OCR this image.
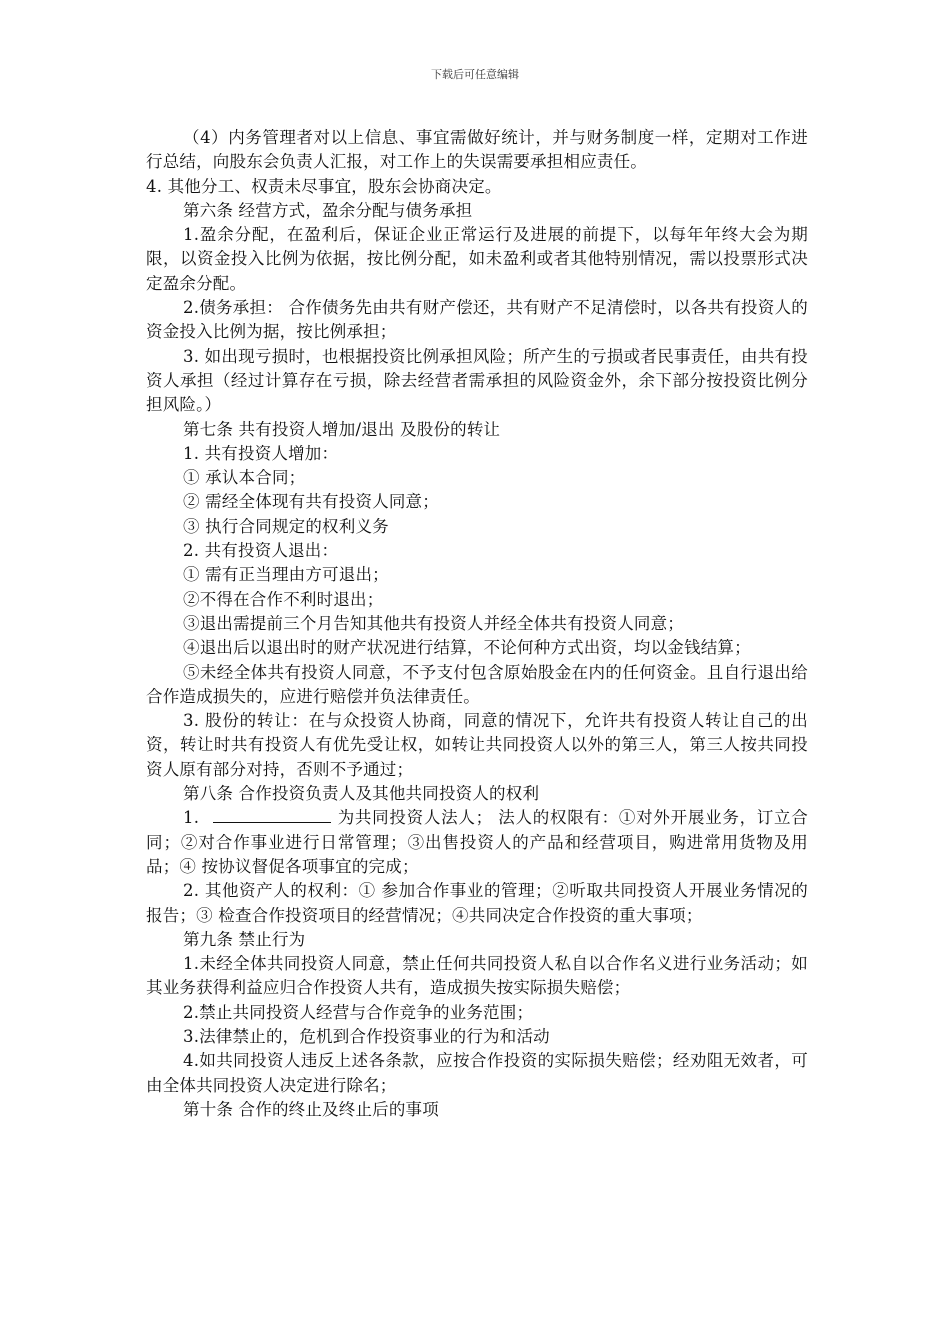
下载后可任意编辑

（4）内务管理者对以上信息、事宜需做好统计，并与财务制度一样，定期对工作进行总结，向股东会负责人汇报，对工作上的失误需要承担相应责任。

4. 其他分工、权责未尽事宜，股东会协商决定。

第六条 经营方式，盈余分配与债务承担

1.盈余分配，在盈利后，保证企业正常运行及进展的前提下，以每年年终大会为期限，以资金投入比例为依据，按比例分配，如未盈利或者其他特别情况，需以投票形式决定盈余分配。

2.债务承担： 合作债务先由共有财产偿还，共有财产不足清偿时，以各共有投资人的资金投入比例为据，按比例承担；

3. 如出现亏损时，也根据投资比例承担风险；所产生的亏损或者民事责任，由共有投资人承担（经过计算存在亏损，除去经营者需承担的风险资金外，余下部分按投资比例分担风险。）

第七条 共有投资人增加/退出 及股份的转让

1. 共有投资人增加：

① 承认本合同；

② 需经全体现有共有投资人同意；

③ 执行合同规定的权利义务

2. 共有投资人退出：

① 需有正当理由方可退出；

②不得在合作不利时退出；

③退出需提前三个月告知其他共有投资人并经全体共有投资人同意；

④退出后以退出时的财产状况进行结算，不论何种方式出资，均以金钱结算；

⑤未经全体共有投资人同意，不予支付包含原始股金在内的任何资金。且自行退出给合作造成损失的，应进行赔偿并负法律责任。

3. 股份的转让：在与众投资人协商，同意的情况下，允许共有投资人转让自己的出资，转让时共有投资人有优先受让权，如转让共同投资人以外的第三人，第三人按共同投资人原有部分对持，否则不予通过；

第八条 合作投资负责人及其他共同投资人的权利

1.	为共同投资人法人； 法人的权限有：①对外开展业务，订立合同；②对合作事业进行日常管理；③出售投资人的产品和经营项目，购进常用货物及用品；④ 按协议督促各项事宜的完成；

2. 其他资产人的权利：① 参加合作事业的管理；②听取共同投资人开展业务情况的报告；③ 检查合作投资项目的经营情况；④共同决定合作投资的重大事项；

第九条 禁止行为

1.未经全体共同投资人同意，禁止任何共同投资人私自以合作名义进行业务活动；如其业务获得利益应归合作投资人共有，造成损失按实际损失赔偿；

2.禁止共同投资人经营与合作竞争的业务范围；

3.法律禁止的，危机到合作投资事业的行为和活动

4.如共同投资人违反上述各条款，应按合作投资的实际损失赔偿；经劝阻无效者，可由全体共同投资人决定进行除名；

第十条 合作的终止及终止后的事项
